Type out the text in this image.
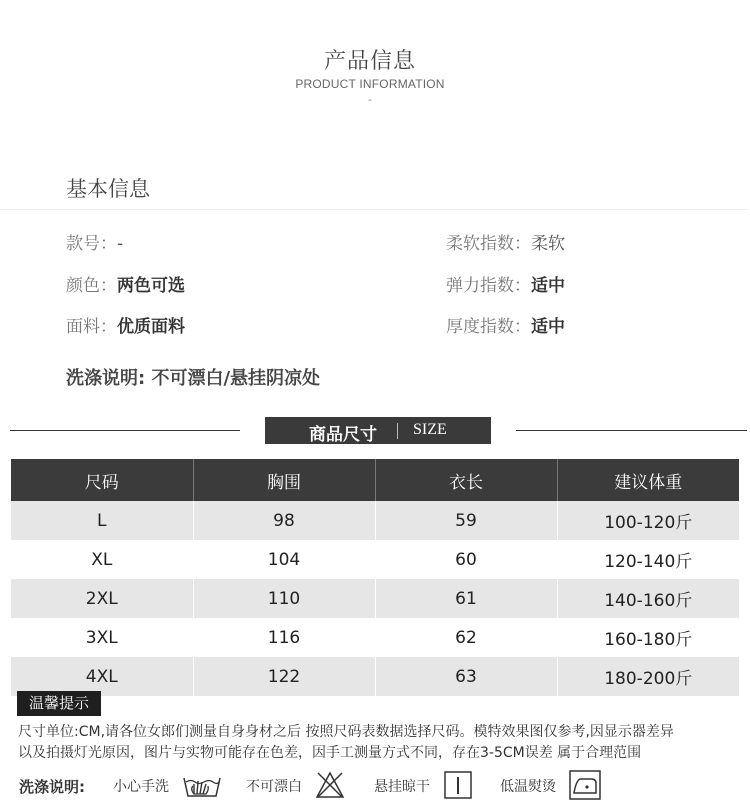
产品信息
PRODUCT INFORMATION
-
基本信息
款号：-
颜色：两色可选
面料：优质面料
柔软指数：柔软
弹力指数：适中
厚度指数：适中
洗涤说明: 不可漂白/悬挂阴凉处
商品尺寸 SIZE
尺码	胸围	衣长	建议体重
L	98	59	100-120斤
XL	104	60	120-140斤
2XL	110	61	140-160斤
3XL	116	62	160-180斤
4XL	122	63	180-200斤
温馨提示
尺寸单位:CM,请各位女郎们测量自身身材之后 按照尺码表数据选择尺码。模特效果图仅参考,因显示器差异
以及拍摄灯光原因，图片与实物可能存在色差，因手工测量方式不同，存在3-5CM误差 属于合理范围
洗涤说明: 小心手洗	不可漂白	悬挂晾干	低温熨烫
